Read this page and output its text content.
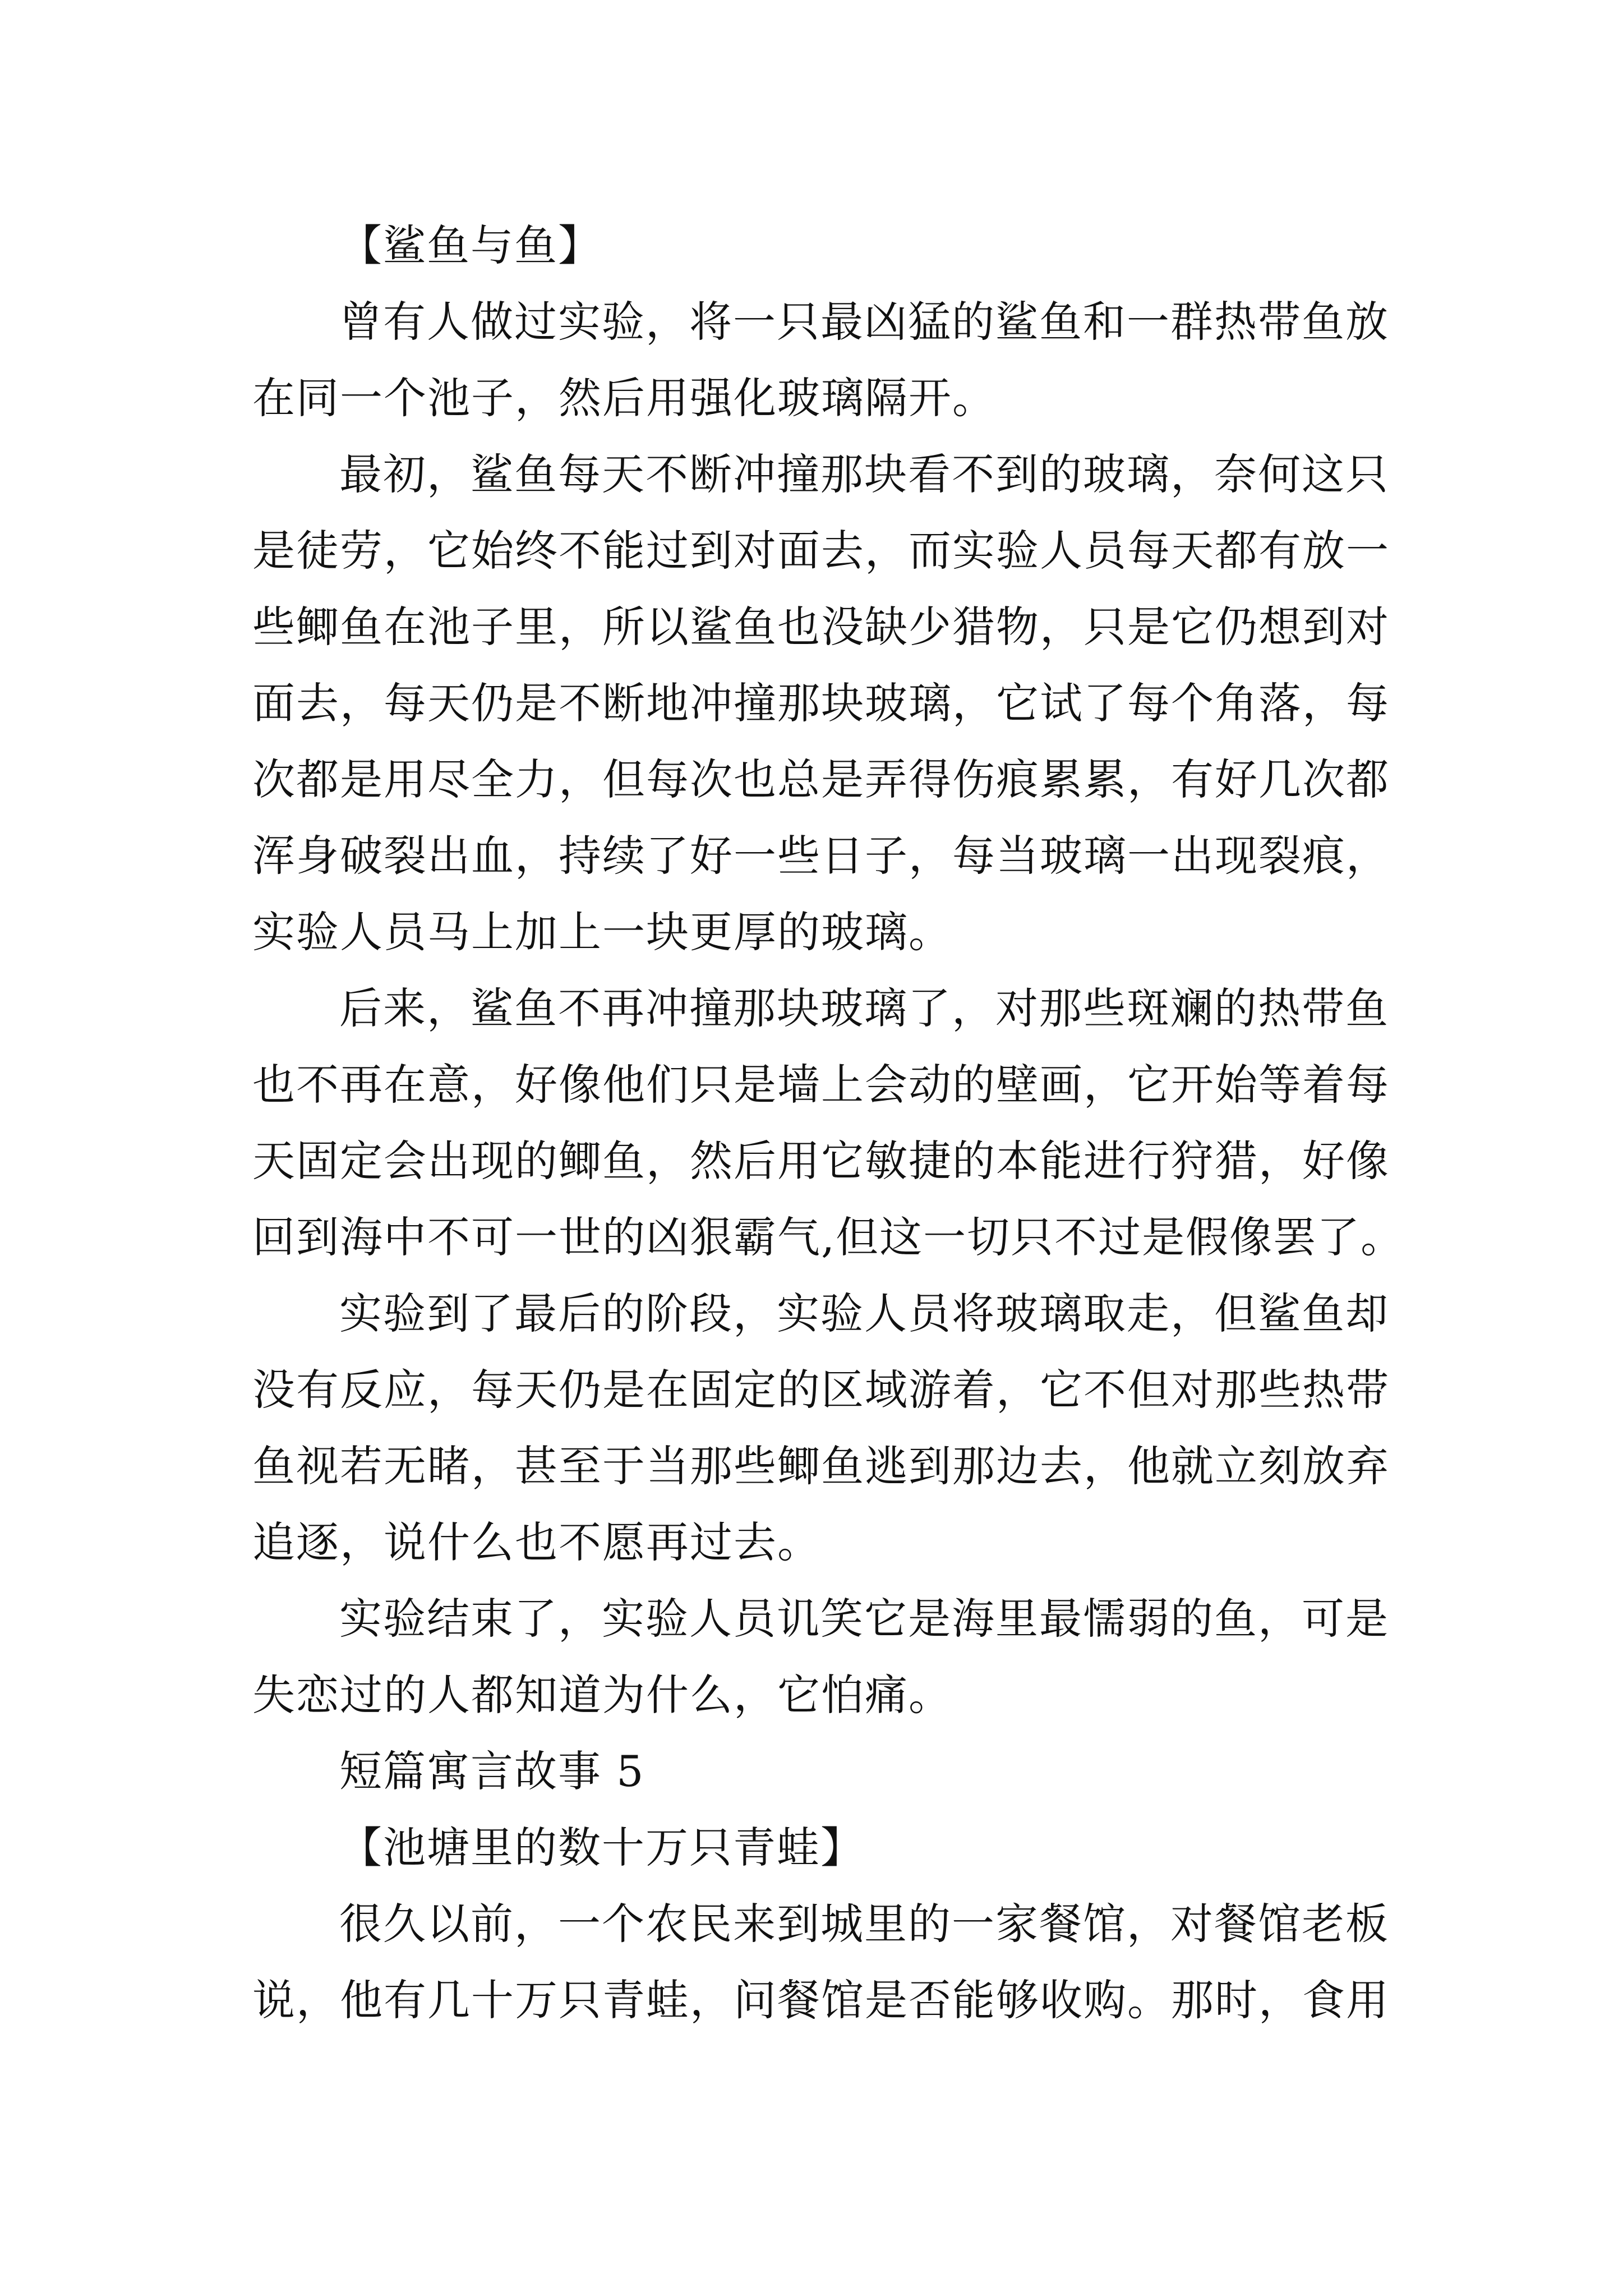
【鲨鱼与鱼】
曾有人做过实验，将一只最凶猛的鲨鱼和一群热带鱼放
在同一个池子，然后用强化玻璃隔开。
最初，鲨鱼每天不断冲撞那块看不到的玻璃，奈何这只
是徒劳，它始终不能过到对面去，而实验人员每天都有放一
些鲫鱼在池子里，所以鲨鱼也没缺少猎物，只是它仍想到对
面去，每天仍是不断地冲撞那块玻璃，它试了每个角落，每
次都是用尽全力，但每次也总是弄得伤痕累累，有好几次都
浑身破裂出血，持续了好一些日子，每当玻璃一出现裂痕，
实验人员马上加上一块更厚的玻璃。
后来，鲨鱼不再冲撞那块玻璃了，对那些斑斓的热带鱼
也不再在意，好像他们只是墙上会动的壁画，它开始等着每
天固定会出现的鲫鱼，然后用它敏捷的本能进行狩猎，好像
回到海中不可一世的凶狠霸气,但这一切只不过是假像罢了。
实验到了最后的阶段，实验人员将玻璃取走，但鲨鱼却
没有反应，每天仍是在固定的区域游着，它不但对那些热带
鱼视若无睹，甚至于当那些鲫鱼逃到那边去，他就立刻放弃
追逐，说什么也不愿再过去。
实验结束了，实验人员讥笑它是海里最懦弱的鱼，可是
失恋过的人都知道为什么，它怕痛。
短篇寓言故事 5
【池塘里的数十万只青蛙】
很久以前，一个农民来到城里的一家餐馆，对餐馆老板
说，他有几十万只青蛙，问餐馆是否能够收购。那时，食用
